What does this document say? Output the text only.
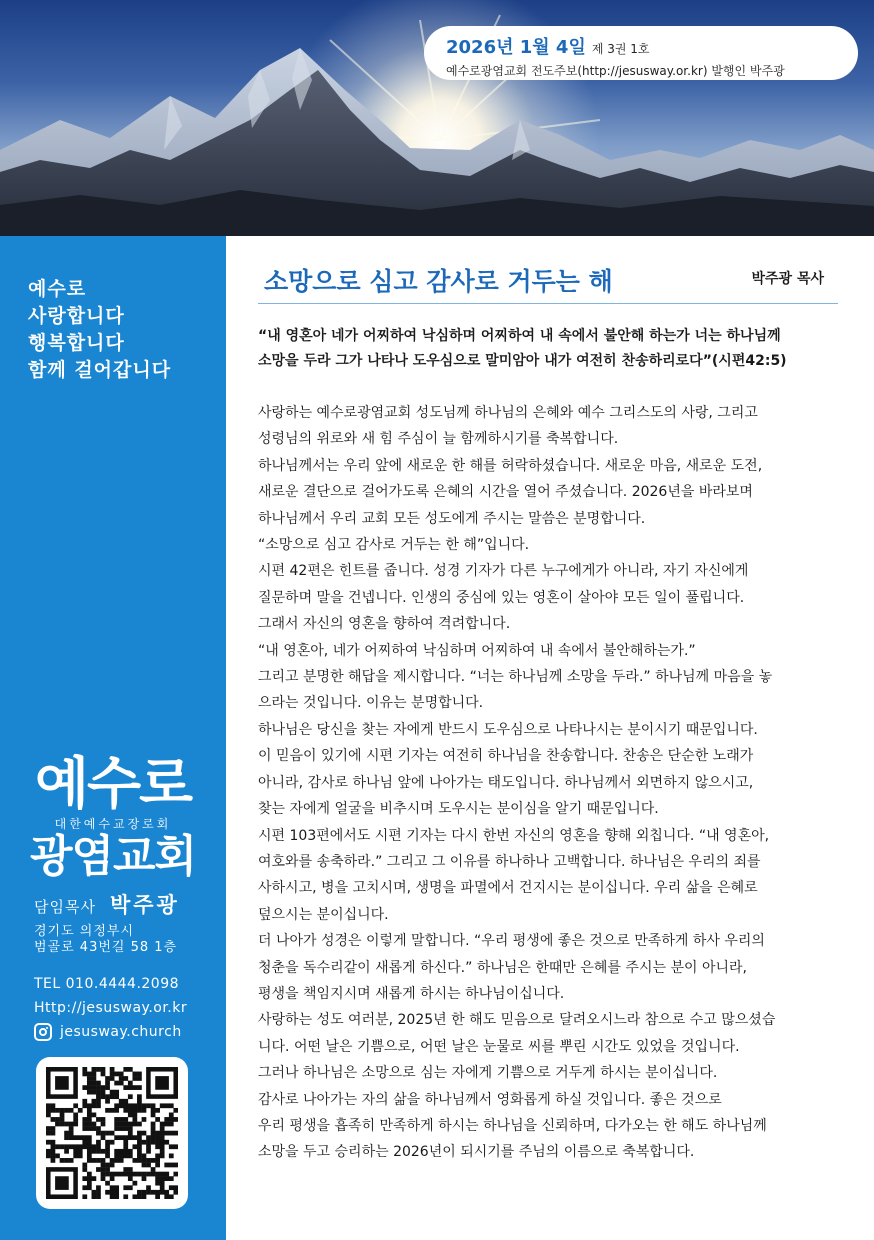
2026년 1월 4일 제 3권 1호
예수로광염교회 전도주보(http://jesusway.or.kr) 발행인 박주광
예수로
사랑합니다
행복합니다
함께 걸어갑니다
예수로
대한예수교장로회
광염교회
담임목사 박주광
경기도 의정부시
범골로 43번길 58 1층
TEL 010.4444.2098
Http://jesusway.or.kr
jesusway.church
소망으로 심고 감사로 거두는 해	박주광 목사
“내 영혼아 네가 어찌하여 낙심하며 어찌하여 내 속에서 불안해 하는가 너는 하나님께
소망을 두라 그가 나타나 도우심으로 말미암아 내가 여전히 찬송하리로다”(시편42:5)

사랑하는 예수로광염교회 성도님께 하나님의 은혜와 예수 그리스도의 사랑, 그리고

성령님의 위로와 새 힘 주심이 늘 함께하시기를 축복합니다.

하나님께서는 우리 앞에 새로운 한 해를 허락하셨습니다. 새로운 마음, 새로운 도전,

새로운 결단으로 걸어가도록 은혜의 시간을 열어 주셨습니다. 2026년을 바라보며

하나님께서 우리 교회 모든 성도에게 주시는 말씀은 분명합니다.

“소망으로 심고 감사로 거두는 한 해”입니다.

시편 42편은 힌트를 줍니다. 성경 기자가 다른 누구에게가 아니라, 자기 자신에게

질문하며 말을 건넵니다. 인생의 중심에 있는 영혼이 살아야 모든 일이 풀립니다.

그래서 자신의 영혼을 향하여 격려합니다.

“내 영혼아, 네가 어찌하여 낙심하며 어찌하여 내 속에서 불안해하는가.”

그리고 분명한 해답을 제시합니다. “너는 하나님께 소망을 두라.” 하나님께 마음을 놓

으라는 것입니다. 이유는 분명합니다.

하나님은 당신을 찾는 자에게 반드시 도우심으로 나타나시는 분이시기 때문입니다.

이 믿음이 있기에 시편 기자는 여전히 하나님을 찬송합니다. 찬송은 단순한 노래가

아니라, 감사로 하나님 앞에 나아가는 태도입니다. 하나님께서 외면하지 않으시고,

찾는 자에게 얼굴을 비추시며 도우시는 분이심을 알기 때문입니다.

시편 103편에서도 시편 기자는 다시 한번 자신의 영혼을 향해 외칩니다. “내 영혼아,

여호와를 송축하라.” 그리고 그 이유를 하나하나 고백합니다. 하나님은 우리의 죄를

사하시고, 병을 고치시며, 생명을 파멸에서 건지시는 분이십니다. 우리 삶을 은혜로

덮으시는 분이십니다.

더 나아가 성경은 이렇게 말합니다. “우리 평생에 좋은 것으로 만족하게 하사 우리의

청춘을 독수리같이 새롭게 하신다.” 하나님은 한때만 은혜를 주시는 분이 아니라,

평생을 책임지시며 새롭게 하시는 하나님이십니다.

사랑하는 성도 여러분, 2025년 한 해도 믿음으로 달려오시느라 참으로 수고 많으셨습

니다. 어떤 날은 기쁨으로, 어떤 날은 눈물로 씨를 뿌린 시간도 있었을 것입니다.

그러나 하나님은 소망으로 심는 자에게 기쁨으로 거두게 하시는 분이십니다.

감사로 나아가는 자의 삶을 하나님께서 영화롭게 하실 것입니다. 좋은 것으로

우리 평생을 흡족히 만족하게 하시는 하나님을 신뢰하며, 다가오는 한 해도 하나님께

소망을 두고 승리하는 2026년이 되시기를 주님의 이름으로 축복합니다.
